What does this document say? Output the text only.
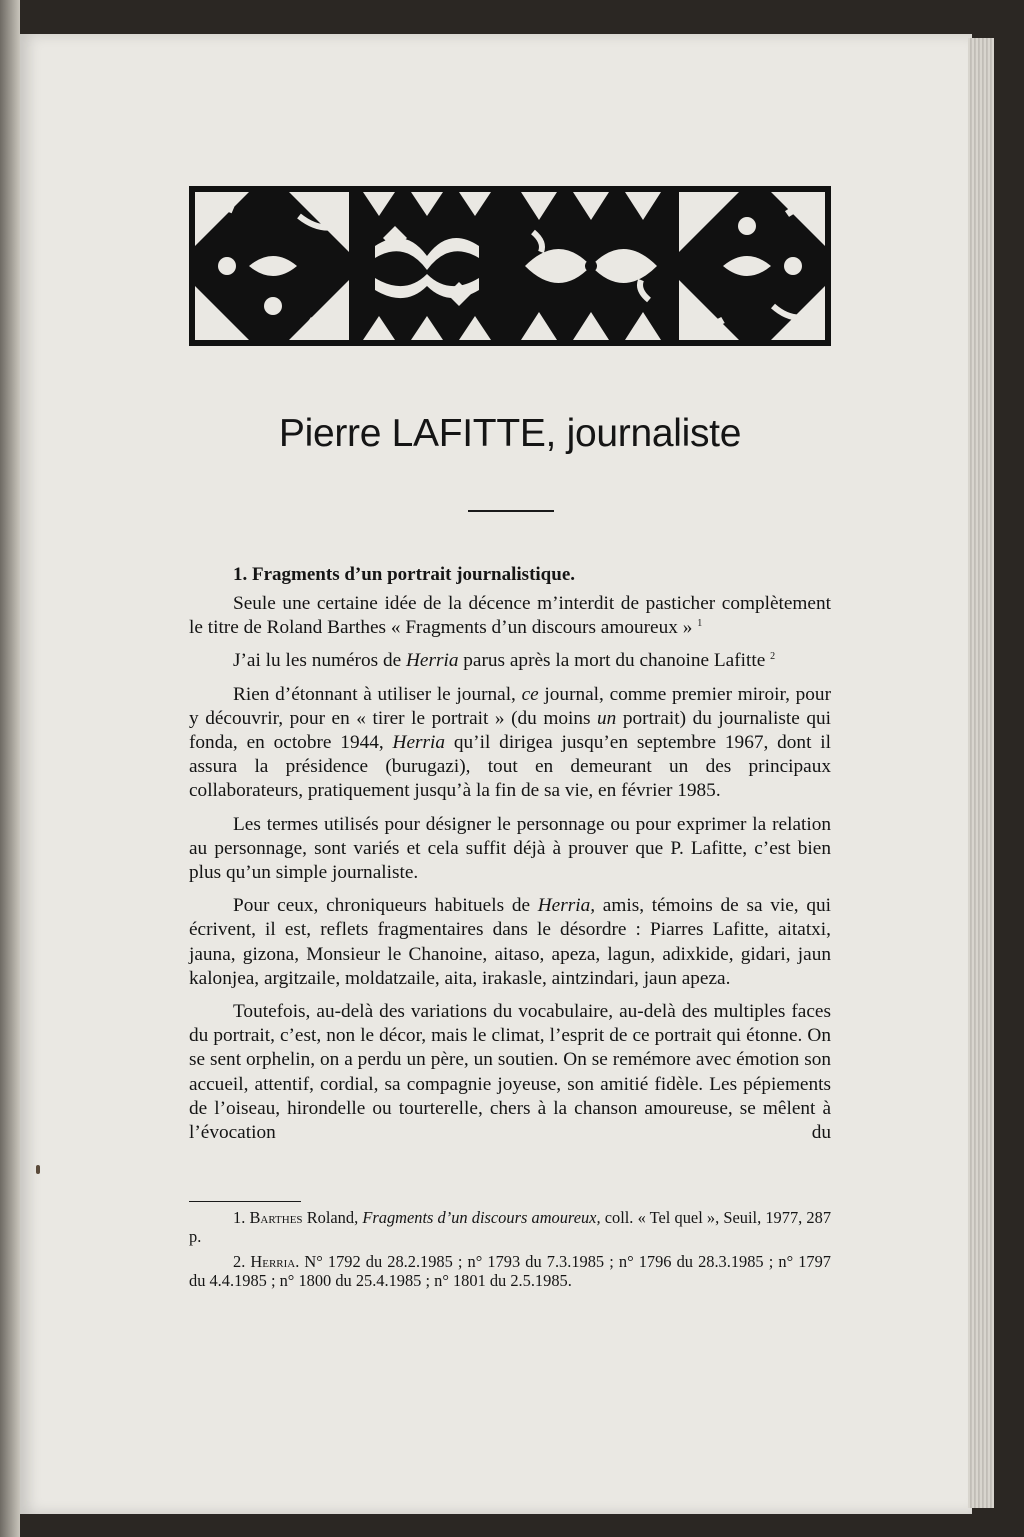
Pierre LAFITTE, journaliste
1. Fragments d’un portrait journalistique.

Seule une certaine idée de la décence m’interdit de pasticher complètement le titre de Roland Barthes « Fragments d’un discours amoureux » $^1$

J’ai lu les numéros de Herria parus après la mort du chanoine Lafitte $^2$

Rien d’étonnant à utiliser le journal, ce journal, comme premier miroir, pour y découvrir, pour en « tirer le portrait » (du moins un portrait) du journaliste qui fonda, en octobre 1944, Herria qu’il dirigea jusqu’en septembre 1967, dont il assura la présidence (burugazi), tout en demeurant un des principaux collaborateurs, pratiquement jusqu’à la fin de sa vie, en février 1985.

Les termes utilisés pour désigner le personnage ou pour exprimer la relation au personnage, sont variés et cela suffit déjà à prouver que P. Lafitte, c’est bien plus qu’un simple journaliste.

Pour ceux, chroniqueurs habituels de Herria, amis, témoins de sa vie, qui écrivent, il est, reflets fragmentaires dans le désordre : Piarres Lafitte, aitatxi, jauna, gizona, Monsieur le Chanoine, aitaso, apeza, lagun, adixkide, gidari, jaun kalonjea, argitzaile, moldatzaile, aita, irakasle, aintzindari, jaun apeza.

Toutefois, au-delà des variations du vocabulaire, au-delà des multiples faces du portrait, c’est, non le décor, mais le climat, l’esprit de ce portrait qui étonne. On se sent orphelin, on a perdu un père, un soutien. On se remémore avec émotion son accueil, attentif, cordial, sa compagnie joyeuse, son amitié fidèle. Les pépiements de l’oiseau, hirondelle ou tourterelle, chers à la chanson amoureuse, se mêlent à l’évocation du

1. Barthes Roland, Fragments d’un discours amoureux, coll. « Tel quel », Seuil, 1977, 287 p.

2. Herria. N° 1792 du 28.2.1985 ; n° 1793 du 7.3.1985 ; n° 1796 du 28.3.1985 ; n° 1797 du 4.4.1985 ; n° 1800 du 25.4.1985 ; n° 1801 du 2.5.1985.
